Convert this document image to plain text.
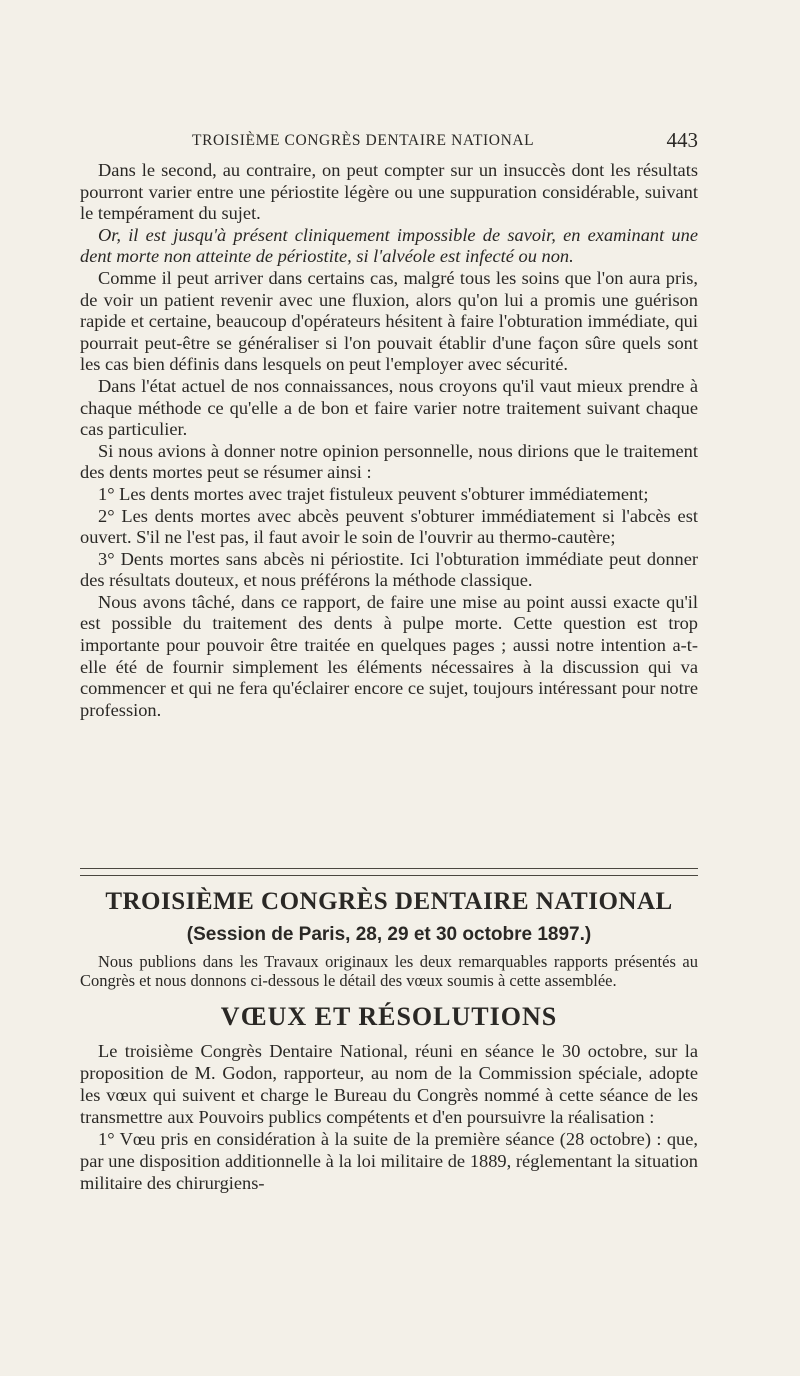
TROISIÈME CONGRÈS DENTAIRE NATIONAL	443

Dans le second, au contraire, on peut compter sur un insuccès dont les résultats pourront varier entre une périostite légère ou une suppuration considérable, suivant le tempérament du sujet.

Or, il est jusqu'à présent cliniquement impossible de savoir, en examinant une dent morte non atteinte de périostite, si l'alvéole est infecté ou non.

Comme il peut arriver dans certains cas, malgré tous les soins que l'on aura pris, de voir un patient revenir avec une fluxion, alors qu'on lui a promis une guérison rapide et certaine, beaucoup d'opérateurs hésitent à faire l'obturation immédiate, qui pourrait peut-être se généraliser si l'on pouvait établir d'une façon sûre quels sont les cas bien définis dans lesquels on peut l'employer avec sécurité.

Dans l'état actuel de nos connaissances, nous croyons qu'il vaut mieux prendre à chaque méthode ce qu'elle a de bon et faire varier notre traitement suivant chaque cas particulier.

Si nous avions à donner notre opinion personnelle, nous dirions que le traitement des dents mortes peut se résumer ainsi :

1° Les dents mortes avec trajet fistuleux peuvent s'obturer immédiatement;

2° Les dents mortes avec abcès peuvent s'obturer immédiatement si l'abcès est ouvert. S'il ne l'est pas, il faut avoir le soin de l'ouvrir au thermo-cautère;

3° Dents mortes sans abcès ni périostite. Ici l'obturation immédiate peut donner des résultats douteux, et nous préférons la méthode classique.

Nous avons tâché, dans ce rapport, de faire une mise au point aussi exacte qu'il est possible du traitement des dents à pulpe morte. Cette question est trop importante pour pouvoir être traitée en quelques pages ; aussi notre intention a-t-elle été de fournir simplement les éléments nécessaires à la discussion qui va commencer et qui ne fera qu'éclairer encore ce sujet, toujours intéressant pour notre profession.

TROISIÈME CONGRÈS DENTAIRE NATIONAL
(Session de Paris, 28, 29 et 30 octobre 1897.)

Nous publions dans les Travaux originaux les deux remarquables rapports présentés au Congrès et nous donnons ci-dessous le détail des vœux soumis à cette assemblée.

VŒUX ET RÉSOLUTIONS

Le troisième Congrès Dentaire National, réuni en séance le 30 octobre, sur la proposition de M. Godon, rapporteur, au nom de la Commission spéciale, adopte les vœux qui suivent et charge le Bureau du Congrès nommé à cette séance de les transmettre aux Pouvoirs publics compétents et d'en poursuivre la réalisation :

1° Vœu pris en considération à la suite de la première séance (28 octobre) : que, par une disposition additionnelle à la loi militaire de 1889, réglementant la situation militaire des chirurgiens-
